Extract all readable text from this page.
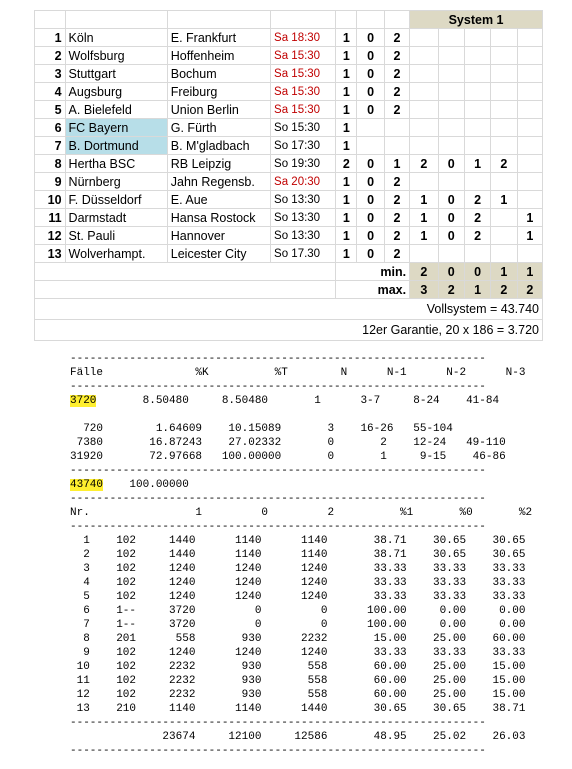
							System 1				
1	Köln	E. Frankfurt	Sa 18:30	1	0	2					
2	Wolfsburg	Hoffenheim	Sa 15:30	1	0	2					
3	Stuttgart	Bochum	Sa 15:30	1	0	2					
4	Augsburg	Freiburg	Sa 15:30	1	0	2					
5	A. Bielefeld	Union Berlin	Sa 15:30	1	0	2					
6	FC Bayern	G. Fürth	So 15:30	1							
7	B. Dortmund	B. M'gladbach	So 17:30	1							
8	Hertha BSC	RB Leipzig	So 19:30	2	0	1	2	0	1	2	
9	Nürnberg	Jahn Regensb.	Sa 20:30	1	0	2					
10	F. Düsseldorf	E. Aue	So 13:30	1	0	2	1	0	2	1	
11	Darmstadt	Hansa Rostock	So 13:30	1	0	2	1	0	2		1
12	St. Pauli	Hannover	So 13:30	1	0	2	1	0	2		1
13	Wolverhampt.	Leicester City	So 17.30	1	0	2					
				min.			2	0	0	1	1
				max.			3	2	1	2	2
Vollsystem = 43.740											
12er Garantie, 20 x 186 = 3.720											
---------------------------------------------------------------
Fälle              %K          %T        N      N-1      N-2      N-3
---------------------------------------------------------------
3720       8.50480     8.50480       1      3-7     8-24    41-84

720        1.64609    10.15089       3    16-26   55-104
7380       16.87243    27.02332       0       2    12-24   49-110
31920       72.97668   100.00000       0       1     9-15    46-86
---------------------------------------------------------------
43740    100.00000
---------------------------------------------------------------
Nr.                1         0         2          %1       %0       %2
---------------------------------------------------------------
1    102     1440      1140      1140       38.71    30.65    30.65
2    102     1440      1140      1140       38.71    30.65    30.65
3    102     1240      1240      1240       33.33    33.33    33.33
4    102     1240      1240      1240       33.33    33.33    33.33
5    102     1240      1240      1240       33.33    33.33    33.33
6    1--     3720         0         0      100.00     0.00     0.00
7    1--     3720         0         0      100.00     0.00     0.00
8    201      558       930      2232       15.00    25.00    60.00
9    102     1240      1240      1240       33.33    33.33    33.33
10    102     2232       930       558       60.00    25.00    15.00
11    102     2232       930       558       60.00    25.00    15.00
12    102     2232       930       558       60.00    25.00    15.00
13    210     1140      1140      1440       30.65    30.65    38.71
---------------------------------------------------------------
23674     12100     12586       48.95    25.02    26.03
---------------------------------------------------------------
